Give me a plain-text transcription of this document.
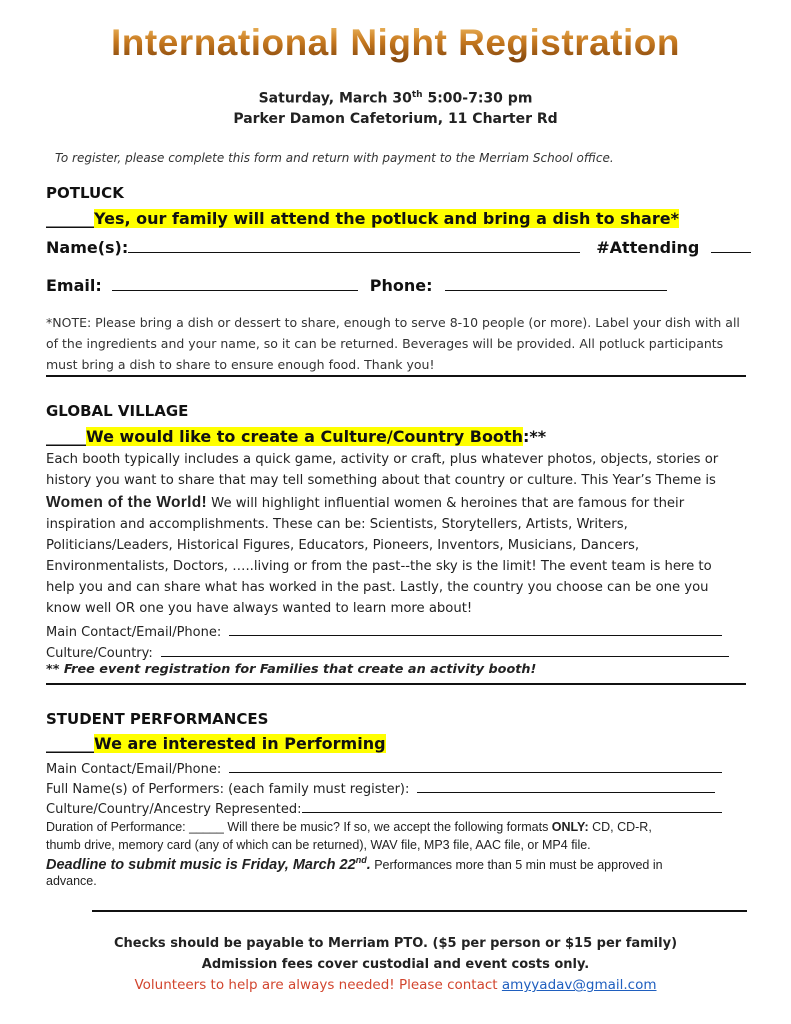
International Night Registration
Saturday, March 30th 5:00-7:30 pm
Parker Damon Cafetorium, 11 Charter Rd
To register, please complete this form and return with payment to the Merriam School office.
POTLUCK
______Yes, our family will attend the potluck and bring a dish to share*
Name(s):	#Attending
Email:	Phone:
*NOTE: Please bring a dish or dessert to share, enough to serve 8-10 people (or more). Label your dish with all of the ingredients and your name, so it can be returned. Beverages will be provided. All potluck participants must bring a dish to share to ensure enough food. Thank you!
GLOBAL VILLAGE
_____We would like to create a Culture/Country Booth:**
Each booth typically includes a quick game, activity or craft, plus whatever photos, objects, stories or
history you want to share that may tell something about that country or culture. This Year’s Theme is
Women of the World! We will highlight influential women & heroines that are famous for their
inspiration and accomplishments. These can be: Scientists, Storytellers, Artists, Writers,
Politicians/Leaders, Historical Figures, Educators, Pioneers, Inventors, Musicians, Dancers,
Environmentalists, Doctors, …..living or from the past--the sky is the limit! The event team is here to
help you and can share what has worked in the past. Lastly, the country you choose can be one you
know well OR one you have always wanted to learn more about!
Main Contact/Email/Phone:
Culture/Country:
** Free event registration for Families that create an activity booth!
STUDENT PERFORMANCES
______We are interested in Performing
Main Contact/Email/Phone:
Full Name(s) of Performers: (each family must register):
Culture/Country/Ancestry Represented:
Duration of Performance: _____ Will there be music? If so, we accept the following formats ONLY: CD, CD-R,
thumb drive, memory card (any of which can be returned), WAV file, MP3 file, AAC file, or MP4 file.
Deadline to submit music is Friday, March 22nd. Performances more than 5 min must be approved in
advance.
Checks should be payable to Merriam PTO. ($5 per person or $15 per family)
Admission fees cover custodial and event costs only.
Volunteers to help are always needed! Please contact amyyadav@gmail.com
